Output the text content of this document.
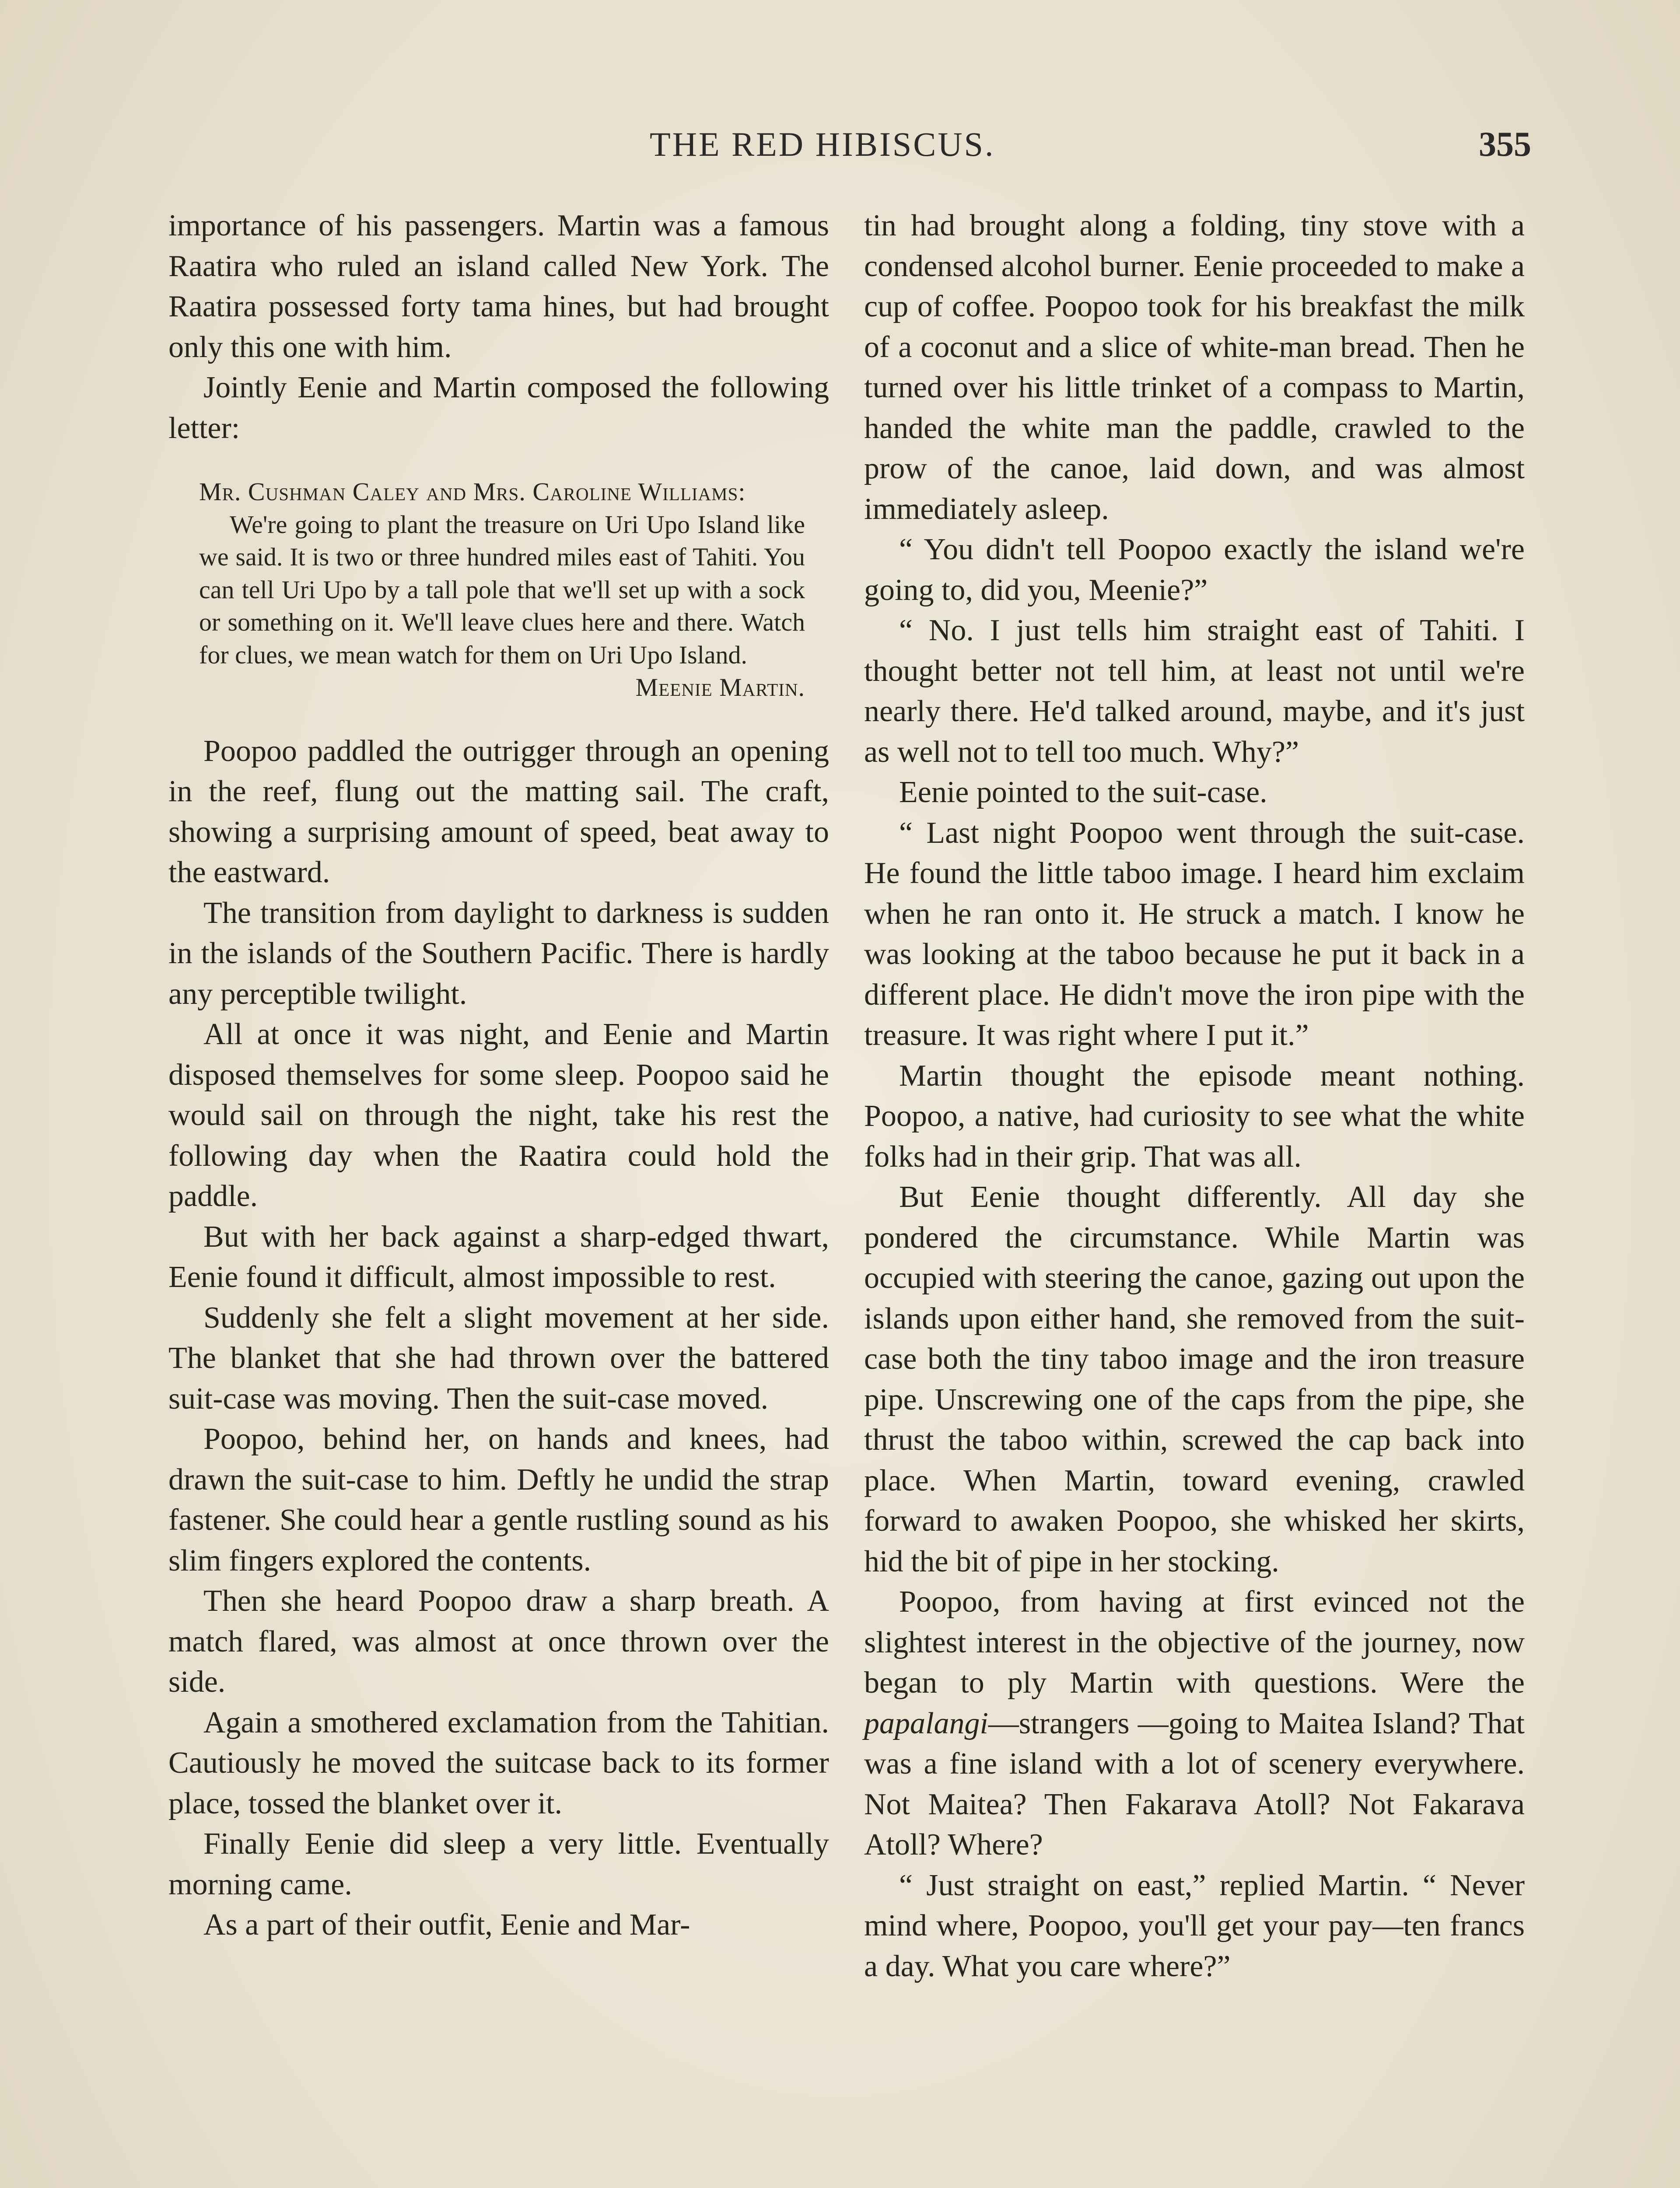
THE RED HIBISCUS.	355

importance of his passengers. Martin was a famous Raatira who ruled an island called New York. The Raatira possessed forty tama hines, but had brought only this one with him.

Jointly Eenie and Martin composed the following letter:

Mr. Cushman Caley and Mrs. Caroline Williams:

We're going to plant the treasure on Uri Upo Island like we said. It is two or three hundred miles east of Tahiti. You can tell Uri Upo by a tall pole that we'll set up with a sock or something on it. We'll leave clues here and there. Watch for clues, we mean watch for them on Uri Upo Island.

Meenie Martin.

Poopoo paddled the outrigger through an opening in the reef, flung out the matting sail. The craft, showing a surprising amount of speed, beat away to the eastward.

The transition from daylight to darkness is sudden in the islands of the Southern Pacific. There is hardly any perceptible twilight.

All at once it was night, and Eenie and Martin disposed themselves for some sleep. Poopoo said he would sail on through the night, take his rest the following day when the Raatira could hold the paddle.

But with her back against a sharp-edged thwart, Eenie found it difficult, almost impossible to rest.

Suddenly she felt a slight movement at her side. The blanket that she had thrown over the battered suit-case was moving. Then the suit-case moved.

Poopoo, behind her, on hands and knees, had drawn the suit-case to him. Deftly he undid the strap fastener. She could hear a gentle rustling sound as his slim fingers explored the contents.

Then she heard Poopoo draw a sharp breath. A match flared, was almost at once thrown over the side.

Again a smothered exclamation from the Tahitian. Cautiously he moved the suitcase back to its former place, tossed the blanket over it.

Finally Eenie did sleep a very little. Eventually morning came.

As a part of their outfit, Eenie and Mar-

tin had brought along a folding, tiny stove with a condensed alcohol burner. Eenie proceeded to make a cup of coffee. Poopoo took for his breakfast the milk of a coconut and a slice of white-man bread. Then he turned over his little trinket of a compass to Martin, handed the white man the paddle, crawled to the prow of the canoe, laid down, and was almost immediately asleep.

“ You didn't tell Poopoo exactly the island we're going to, did you, Meenie?”

“ No. I just tells him straight east of Tahiti. I thought better not tell him, at least not until we're nearly there. He'd talked around, maybe, and it's just as well not to tell too much. Why?”

Eenie pointed to the suit-case.

“ Last night Poopoo went through the suit-case. He found the little taboo image. I heard him exclaim when he ran onto it. He struck a match. I know he was looking at the taboo because he put it back in a different place. He didn't move the iron pipe with the treasure. It was right where I put it.”

Martin thought the episode meant nothing. Poopoo, a native, had curiosity to see what the white folks had in their grip. That was all.

But Eenie thought differently. All day she pondered the circumstance. While Martin was occupied with steering the canoe, gazing out upon the islands upon either hand, she removed from the suit-case both the tiny taboo image and the iron treasure pipe. Unscrewing one of the caps from the pipe, she thrust the taboo within, screwed the cap back into place. When Martin, toward evening, crawled forward to awaken Poopoo, she whisked her skirts, hid the bit of pipe in her stocking.

Poopoo, from having at first evinced not the slightest interest in the objective of the journey, now began to ply Martin with questions. Were the papalangi—strangers —going to Maitea Island? That was a fine island with a lot of scenery everywhere. Not Maitea? Then Fakarava Atoll? Not Fakarava Atoll? Where?

“ Just straight on east,” replied Martin. “ Never mind where, Poopoo, you'll get your pay—ten francs a day. What you care where?”
